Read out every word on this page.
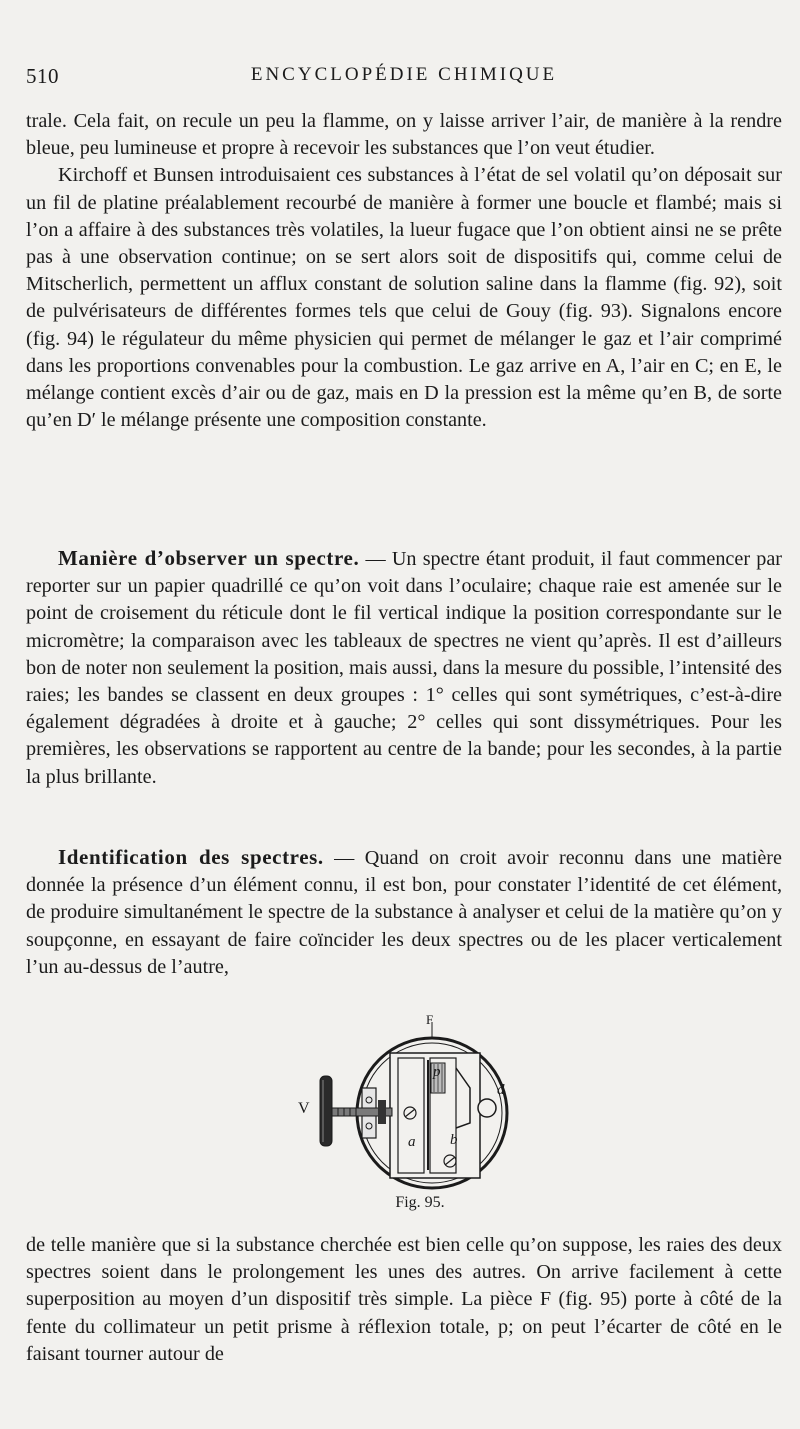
510	ENCYCLOPÉDIE CHIMIQUE

trale. Cela fait, on recule un peu la flamme, on y laisse arriver l’air, de manière à la rendre bleue, peu lumineuse et propre à recevoir les substances que l’on veut étudier.

Kirchoff et Bunsen introduisaient ces substances à l’état de sel volatil qu’on déposait sur un fil de platine préalablement recourbé de manière à former une boucle et flambé; mais si l’on a affaire à des substances très volatiles, la lueur fugace que l’on obtient ainsi ne se prête pas à une observation continue; on se sert alors soit de dispositifs qui, comme celui de Mitscherlich, permettent un afflux constant de solution saline dans la flamme (fig. 92), soit de pulvérisateurs de différentes formes tels que celui de Gouy (fig. 93). Signalons encore (fig. 94) le régulateur du même physicien qui permet de mélanger le gaz et l’air comprimé dans les proportions convenables pour la combustion. Le gaz arrive en A, l’air en C; en E, le mélange contient excès d’air ou de gaz, mais en D la pression est la même qu’en B, de sorte qu’en D′ le mélange présente une composition constante.

Manière d’observer un spectre. — Un spectre étant produit, il faut commencer par reporter sur un papier quadrillé ce qu’on voit dans l’oculaire; chaque raie est amenée sur le point de croisement du réticule dont le fil vertical indique la position correspondante sur le micromètre; la comparaison avec les tableaux de spectres ne vient qu’après. Il est d’ailleurs bon de noter non seulement la position, mais aussi, dans la mesure du possible, l’intensité des raies; les bandes se classent en deux groupes : 1° celles qui sont symétriques, c’est-à-dire également dégradées à droite et à gauche; 2° celles qui sont dissymétriques. Pour les premières, les observations se rapportent au centre de la bande; pour les secondes, à la partie la plus brillante.

Identification des spectres. — Quand on croit avoir reconnu dans une matière donnée la présence d’un élément connu, il est bon, pour constater l’identité de cet élément, de produire simultanément le spectre de la substance à analyser et celui de la matière qu’on y soupçonne, en essayant de faire coïncider les deux spectres ou de les placer verticalement l’un au-dessus de l’autre,

F
V
p
d
a b
Fig. 95.

de telle manière que si la substance cherchée est bien celle qu’on suppose, les raies des deux spectres soient dans le prolongement les unes des autres. On arrive facilement à cette superposition au moyen d’un dispositif très simple. La pièce F (fig. 95) porte à côté de la fente du collimateur un petit prisme à réflexion totale, p; on peut l’écarter de côté en le faisant tourner autour de
